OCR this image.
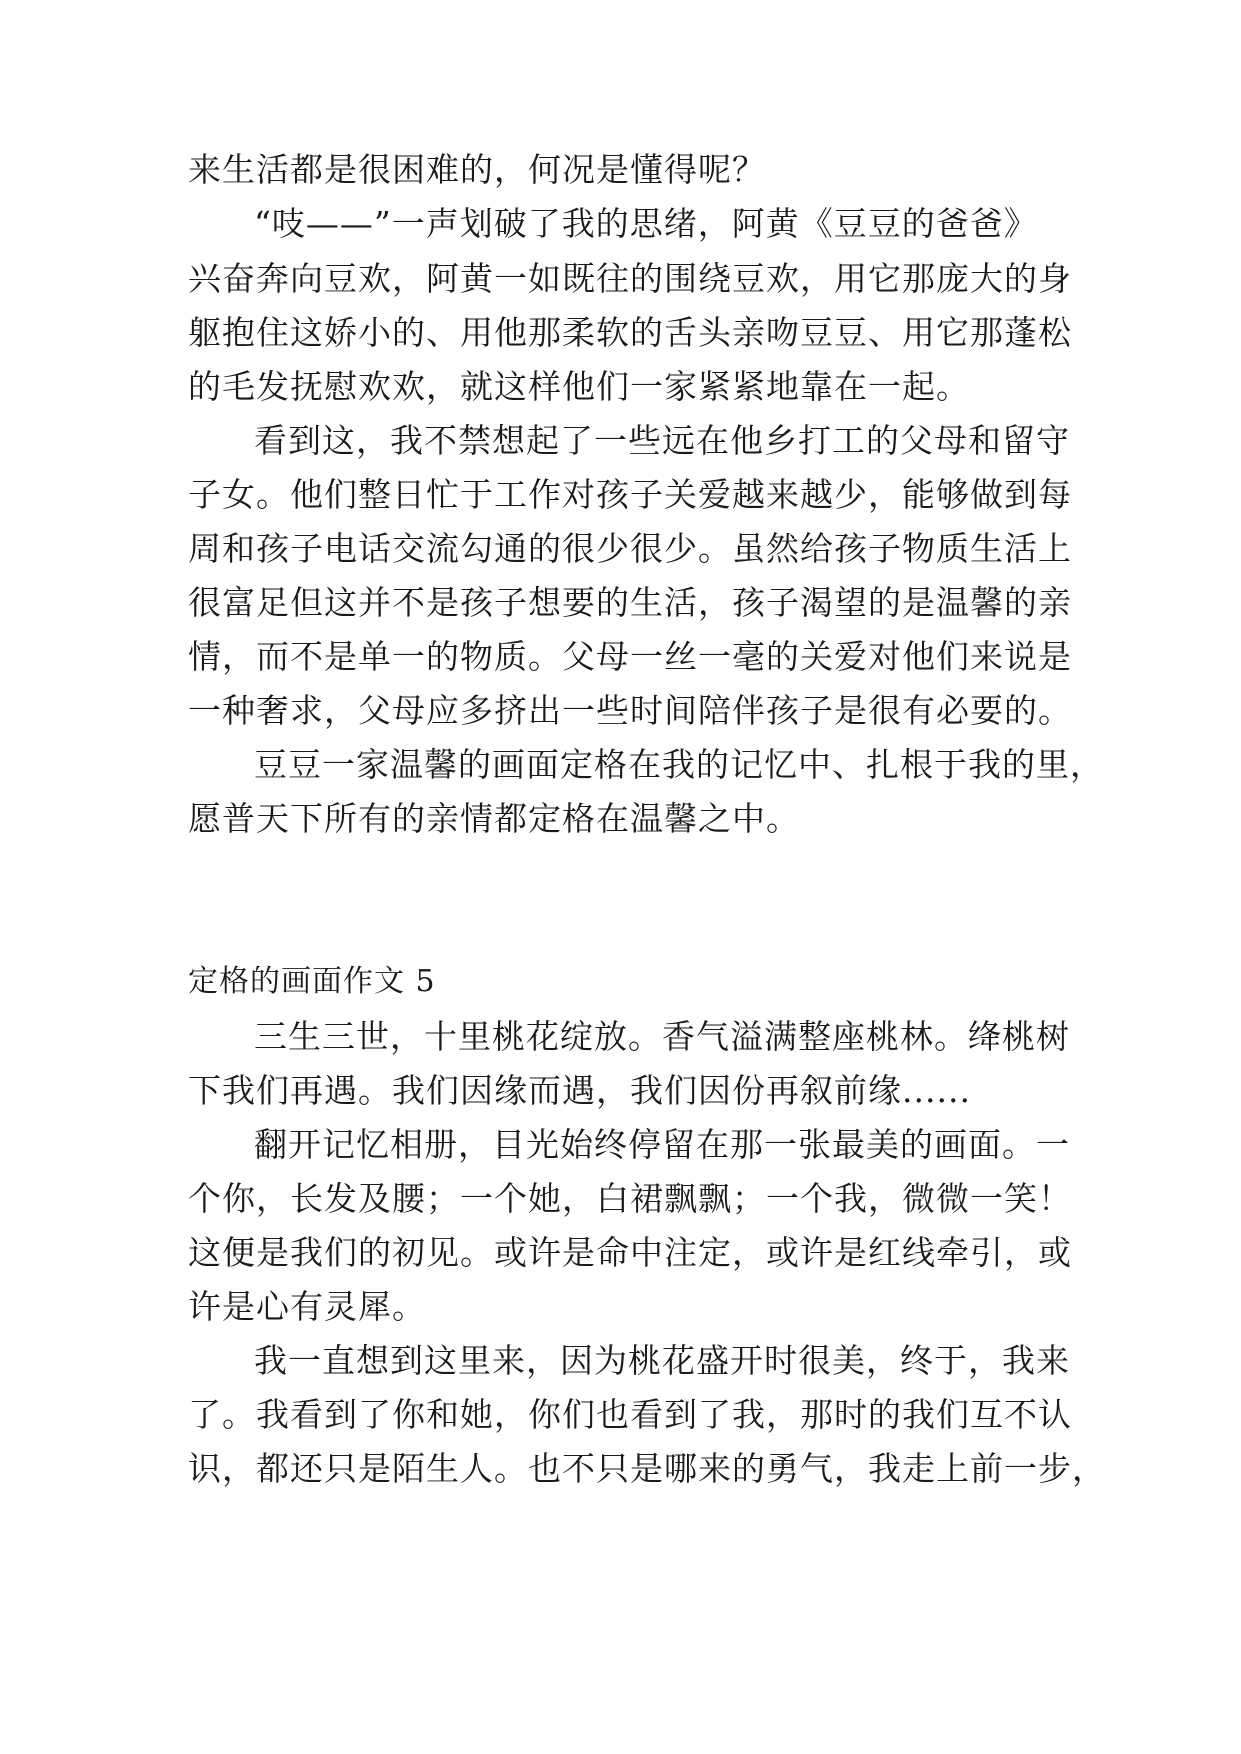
来生活都是很困难的，何况是懂得呢？
“吱——”一声划破了我的思绪，阿黄《豆豆的爸爸》
兴奋奔向豆欢，阿黄一如既往的围绕豆欢，用它那庞大的身
躯抱住这娇小的、用他那柔软的舌头亲吻豆豆、用它那蓬松
的毛发抚慰欢欢，就这样他们一家紧紧地靠在一起。
看到这，我不禁想起了一些远在他乡打工的父母和留守
子女。他们整日忙于工作对孩子关爱越来越少，能够做到每
周和孩子电话交流勾通的很少很少。虽然给孩子物质生活上
很富足但这并不是孩子想要的生活，孩子渴望的是温馨的亲
情，而不是单一的物质。父母一丝一毫的关爱对他们来说是
一种奢求，父母应多挤出一些时间陪伴孩子是很有必要的。
豆豆一家温馨的画面定格在我的记忆中、扎根于我的里，
愿普天下所有的亲情都定格在温馨之中。
定格的画面作文 5
三生三世，十里桃花绽放。香气溢满整座桃林。绛桃树
下我们再遇。我们因缘而遇，我们因份再叙前缘......
翻开记忆相册，目光始终停留在那一张最美的画面。一
个你，长发及腰；一个她，白裙飘飘；一个我，微微一笑！
这便是我们的初见。或许是命中注定，或许是红线牵引，或
许是心有灵犀。
我一直想到这里来，因为桃花盛开时很美，终于，我来
了。我看到了你和她，你们也看到了我，那时的我们互不认
识，都还只是陌生人。也不只是哪来的勇气，我走上前一步，
